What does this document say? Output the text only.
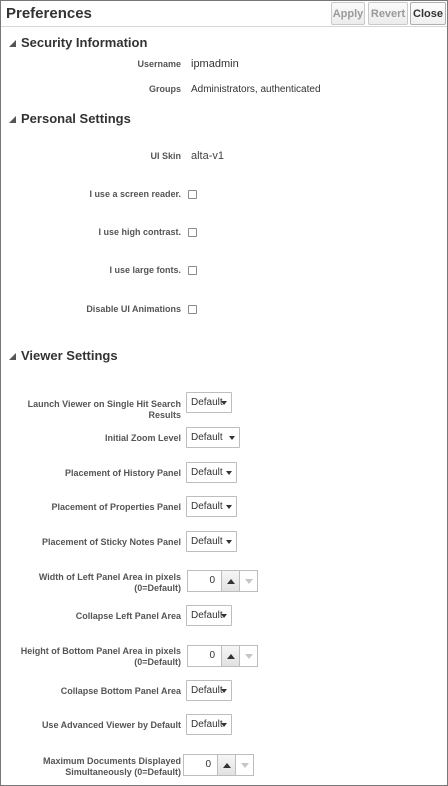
Preferences	Apply Revert Close
Security Information
Username ipmadmin
Groups Administrators, authenticated
Personal Settings
UI Skin alta-v1
I use a screen reader.
I use high contrast.
I use large fonts.
Disable UI Animations
Viewer Settings
Launch Viewer on Single Hit Search Results
Default
Initial Zoom Level Default
Placement of History Panel Default
Placement of Properties Panel Default
Placement of Sticky Notes Panel Default
Width of Left Panel Area in pixels
(0=Default)
0
Collapse Left Panel Area Default
Height of Bottom Panel Area in pixels
(0=Default)
0
Collapse Bottom Panel Area Default
Use Advanced Viewer by Default Default
Maximum Documents Displayed
Simultaneously (0=Default)
0
